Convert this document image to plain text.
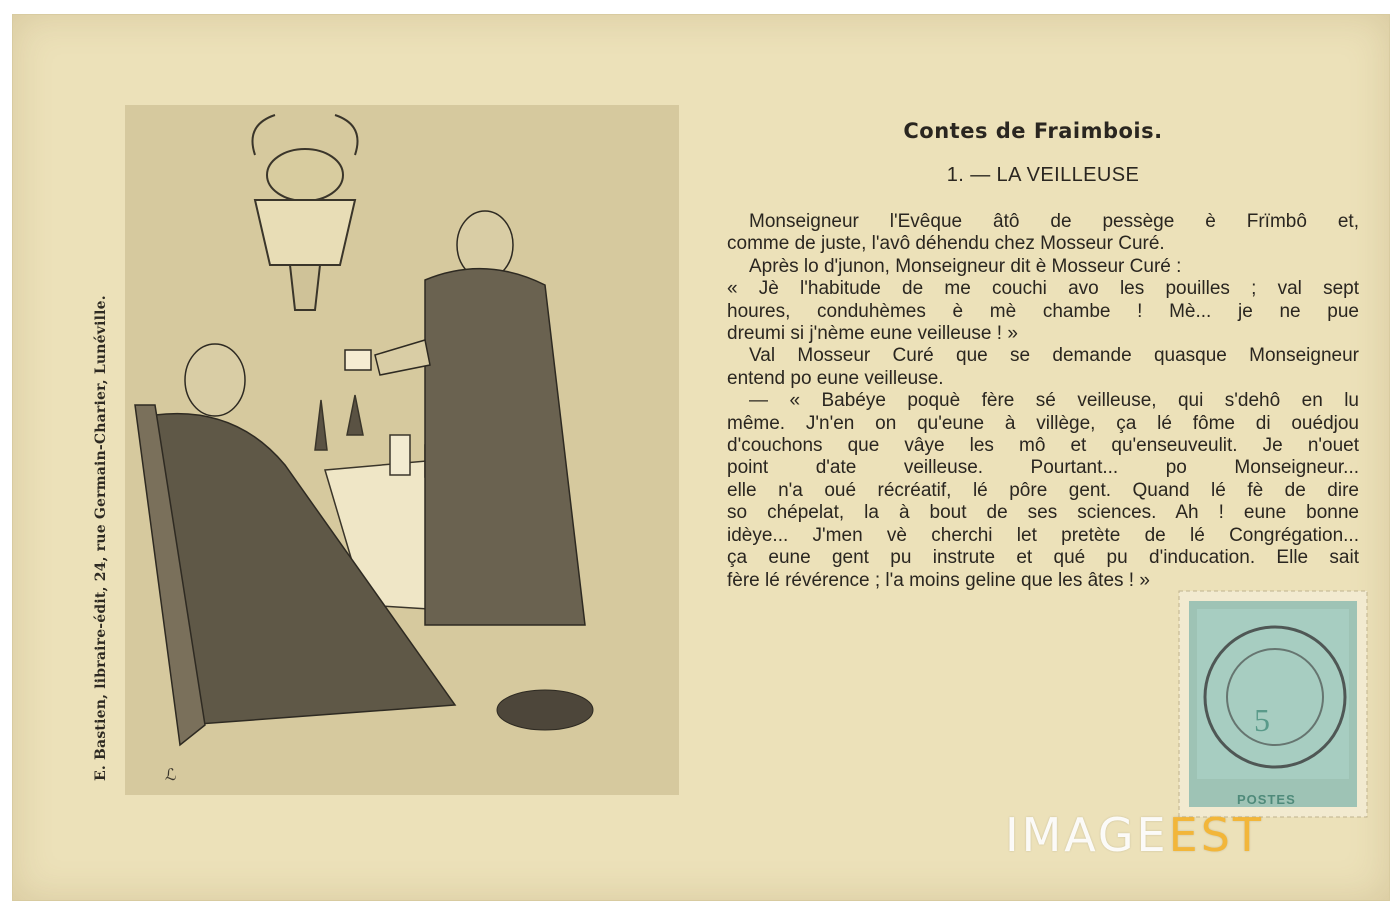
E. Bastien, libraire-édit, 24, rue Germain-Charier, Lunéville.	ℒ
Contes de Fraimbois.
1. — LA VEILLEUSE
Monseigneur l'Evêque âtô de pessège è Frïmbô et,
comme de juste, l'avô déhendu chez Mosseur Curé.
Après lo d'junon, Monseigneur dit è Mosseur Curé :
« Jè l'habitude de me couchi avo les pouilles ; val sept
houres, conduhèmes è mè chambe ! Mè... je ne pue
dreumi si j'nème eune veilleuse ! »
Val Mosseur Curé que se demande quasque Monseigneur
entend po eune veilleuse.
— « Babéye poquè fère sé veilleuse, qui s'dehô en lu
même. J'n'en on qu'eune à villège, ça lé fôme di ouédjou
d'couchons que vâye les mô et qu'enseuveulit. Je n'ouet
point d'ate veilleuse. Pourtant... po Monseigneur...
elle n'a oué récréatif, lé pôre gent. Quand lé fè de dire
so chépelat, la à bout de ses sciences. Ah ! eune bonne
idèye... J'men vè cherchi let pretète de lé Congrégation...
ça eune gent pu instrute et qué pu d'inducation. Elle sait
fère lé révérence ; l'a moins geline que les âtes ! »
5
POSTES
IMAGEEST
